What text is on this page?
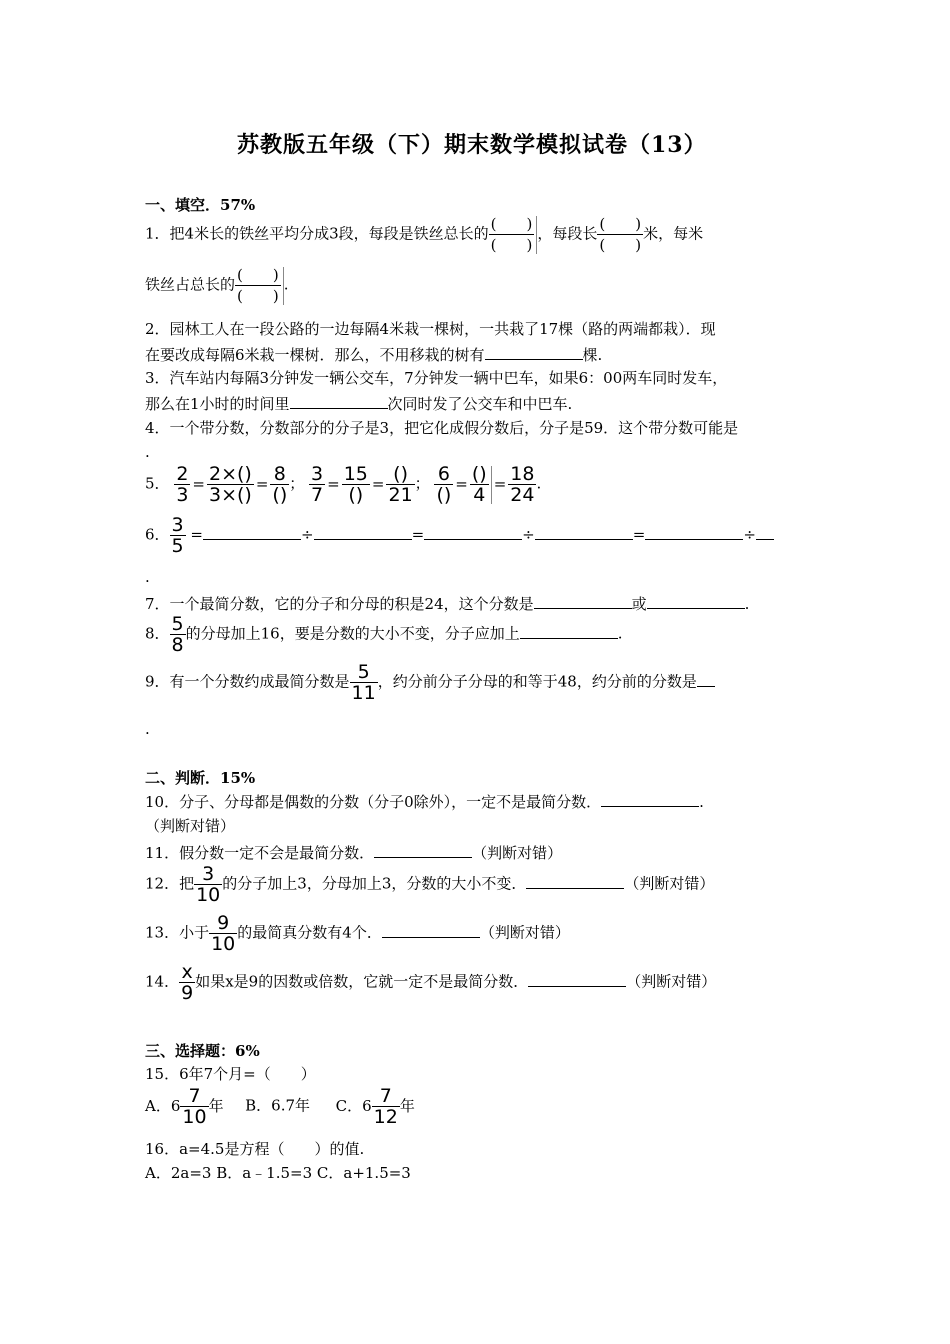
苏教版五年级（下）期末数学模拟试卷（13）
一、填空．57%
1．把4米长的铁丝平均分成3段，每段是铁丝总长的 $\frac{( )}{( )}$ ，每段长 $\frac{( )}{( )}$ 米，每米
铁丝占总长的 $\frac{( )}{( )}$ .
2．园林工人在一段公路的一边每隔4米栽一棵树，一共栽了17棵（路的两端都栽）．现
在要改成每隔6米栽一棵树．那么，不用移栽的树有	棵.
3．汽车站内每隔3分钟发一辆公交车，7分钟发一辆中巴车，如果6：00两车同时发车，
那么在1小时的时间里	次同时发了公交车和中巴车.
4．一个带分数，分数部分的分子是3，把它化成假分数后，分子是59．这个带分数可能是
.
5． $\frac{2}{3} = \frac{2\times()}{3\times()} = \frac{8}{()}$ ； $\frac{3}{7} = \frac{15}{()} = \frac{()}{21}$ ； $\frac{6}{()} = \frac{()}{4} = \frac{18}{24}$ .
6． $\frac{3}{5}$ =	÷	=	÷	=	÷
.
7．一个最简分数，它的分子和分母的积是24，这个分数是	或	.
8． $\frac{5}{8}$ 的分母加上16，要是分数的大小不变，分子应加上	.
9．有一个分数约成最简分数是 $\frac{5}{11}$ ，约分前分子分母的和等于48，约分前的分数是
.
二、判断．15%
10．分子、分母都是偶数的分数（分子0除外），一定不是最简分数．	.
（判断对错）
11．假分数一定不会是最简分数．	（判断对错）
12．把 $\frac{3}{10}$ 的分子加上3，分母加上3，分数的大小不变．	（判断对错）
13．小于 $\frac{9}{10}$ 的最简真分数有4个．	（判断对错）
14． $\frac{x}{9}$ 如果x是9的因数或倍数，它就一定不是最简分数．	（判断对错）
三、选择题：6%
15．6年7个月=（　　）
A．$6 \frac{7}{10}$ 年 B．6.7年 C．$6 \frac{7}{12}$ 年
16．a=4.5是方程（　　）的值.
A．2a=3 B．a﹣1.5=3 C．a+1.5=3
